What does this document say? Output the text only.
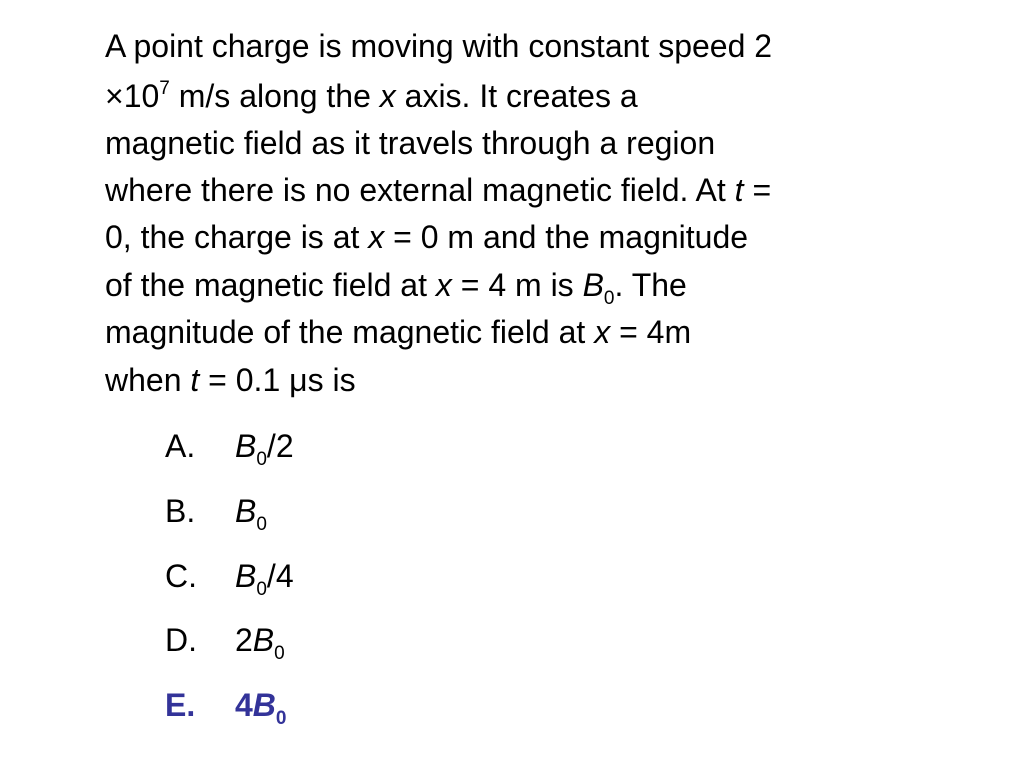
A point charge is moving with constant speed 2
$\times 10^7$ m/s along the x axis. It creates a
magnetic field as it travels through a region
where there is no external magnetic field. At t =
0, the charge is at x = 0 m and the magnitude
of the magnetic field at x = 4 m is $B_0$. The
magnitude of the magnetic field at x = 4m
when t = 0.1 μs is
A. $B_0/2$
B. $B_0$
C. $B_0/4$
D. $2B_0$
E. $4B_0$
